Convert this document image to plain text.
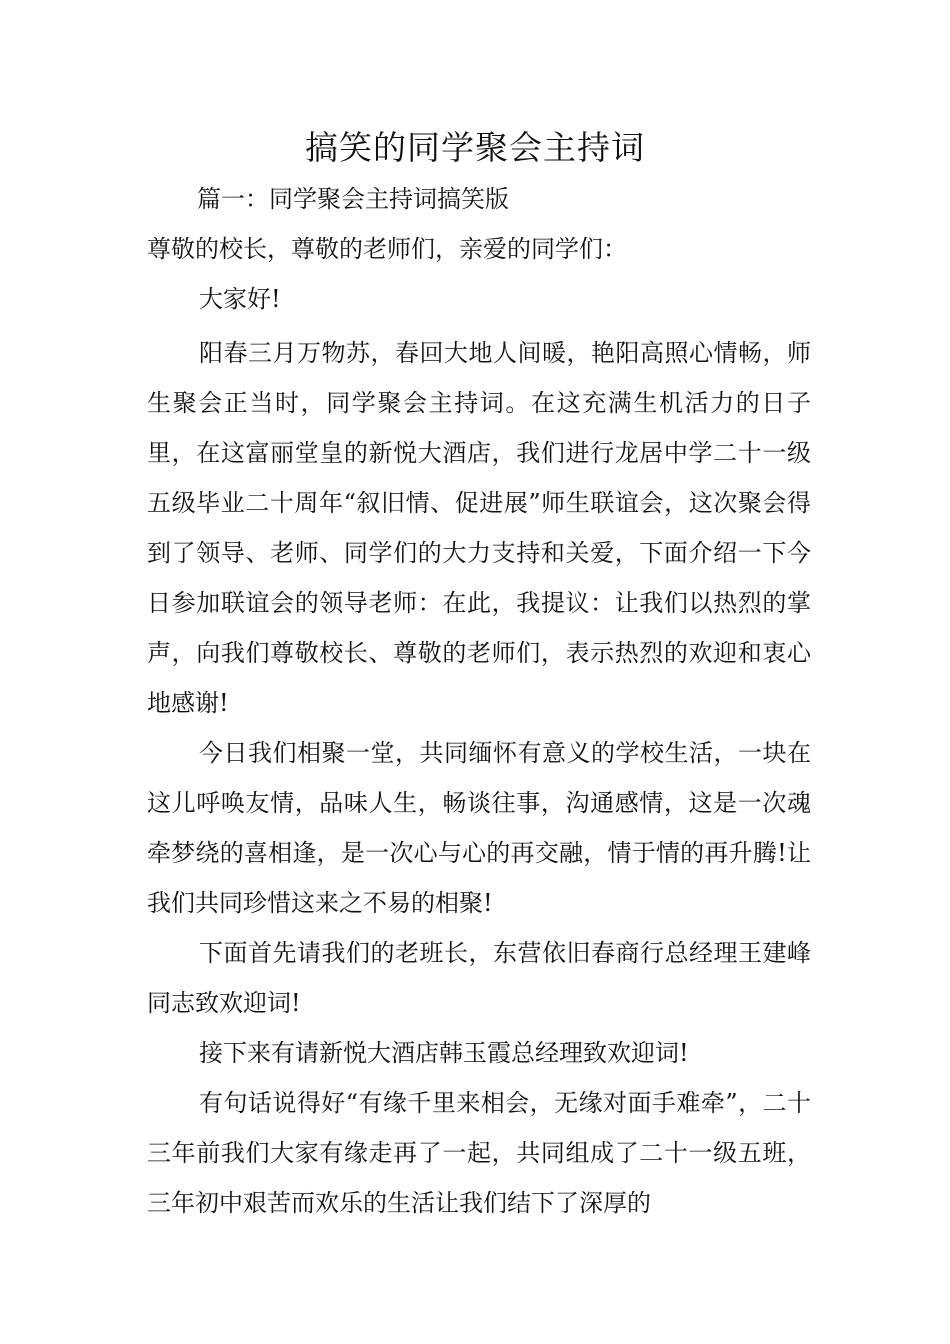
搞笑的同学聚会主持词

篇一：同学聚会主持词搞笑版

尊敬的校长，尊敬的老师们，亲爱的同学们：

大家好!

阳春三月万物苏，春回大地人间暖，艳阳高照心情畅，师生聚会正当时，同学聚会主持词。在这充满生机活力的日子里，在这富丽堂皇的新悦大酒店，我们进行龙居中学二十一级五级毕业二十周年“叙旧情、促进展”师生联谊会，这次聚会得到了领导、老师、同学们的大力支持和关爱，下面介绍一下今日参加联谊会的领导老师：在此，我提议：让我们以热烈的掌声，向我们尊敬校长、尊敬的老师们，表示热烈的欢迎和衷心地感谢!

今日我们相聚一堂，共同缅怀有意义的学校生活，一块在这儿呼唤友情，品味人生，畅谈往事，沟通感情，这是一次魂牵梦绕的喜相逢，是一次心与心的再交融，情于情的再升腾!让我们共同珍惜这来之不易的相聚!

下面首先请我们的老班长，东营依旧春商行总经理王建峰同志致欢迎词!

接下来有请新悦大酒店韩玉霞总经理致欢迎词!

有句话说得好“有缘千里来相会，无缘对面手难牵”，二十三年前我们大家有缘走再了一起，共同组成了二十一级五班，三年初中艰苦而欢乐的生活让我们结下了深厚的
